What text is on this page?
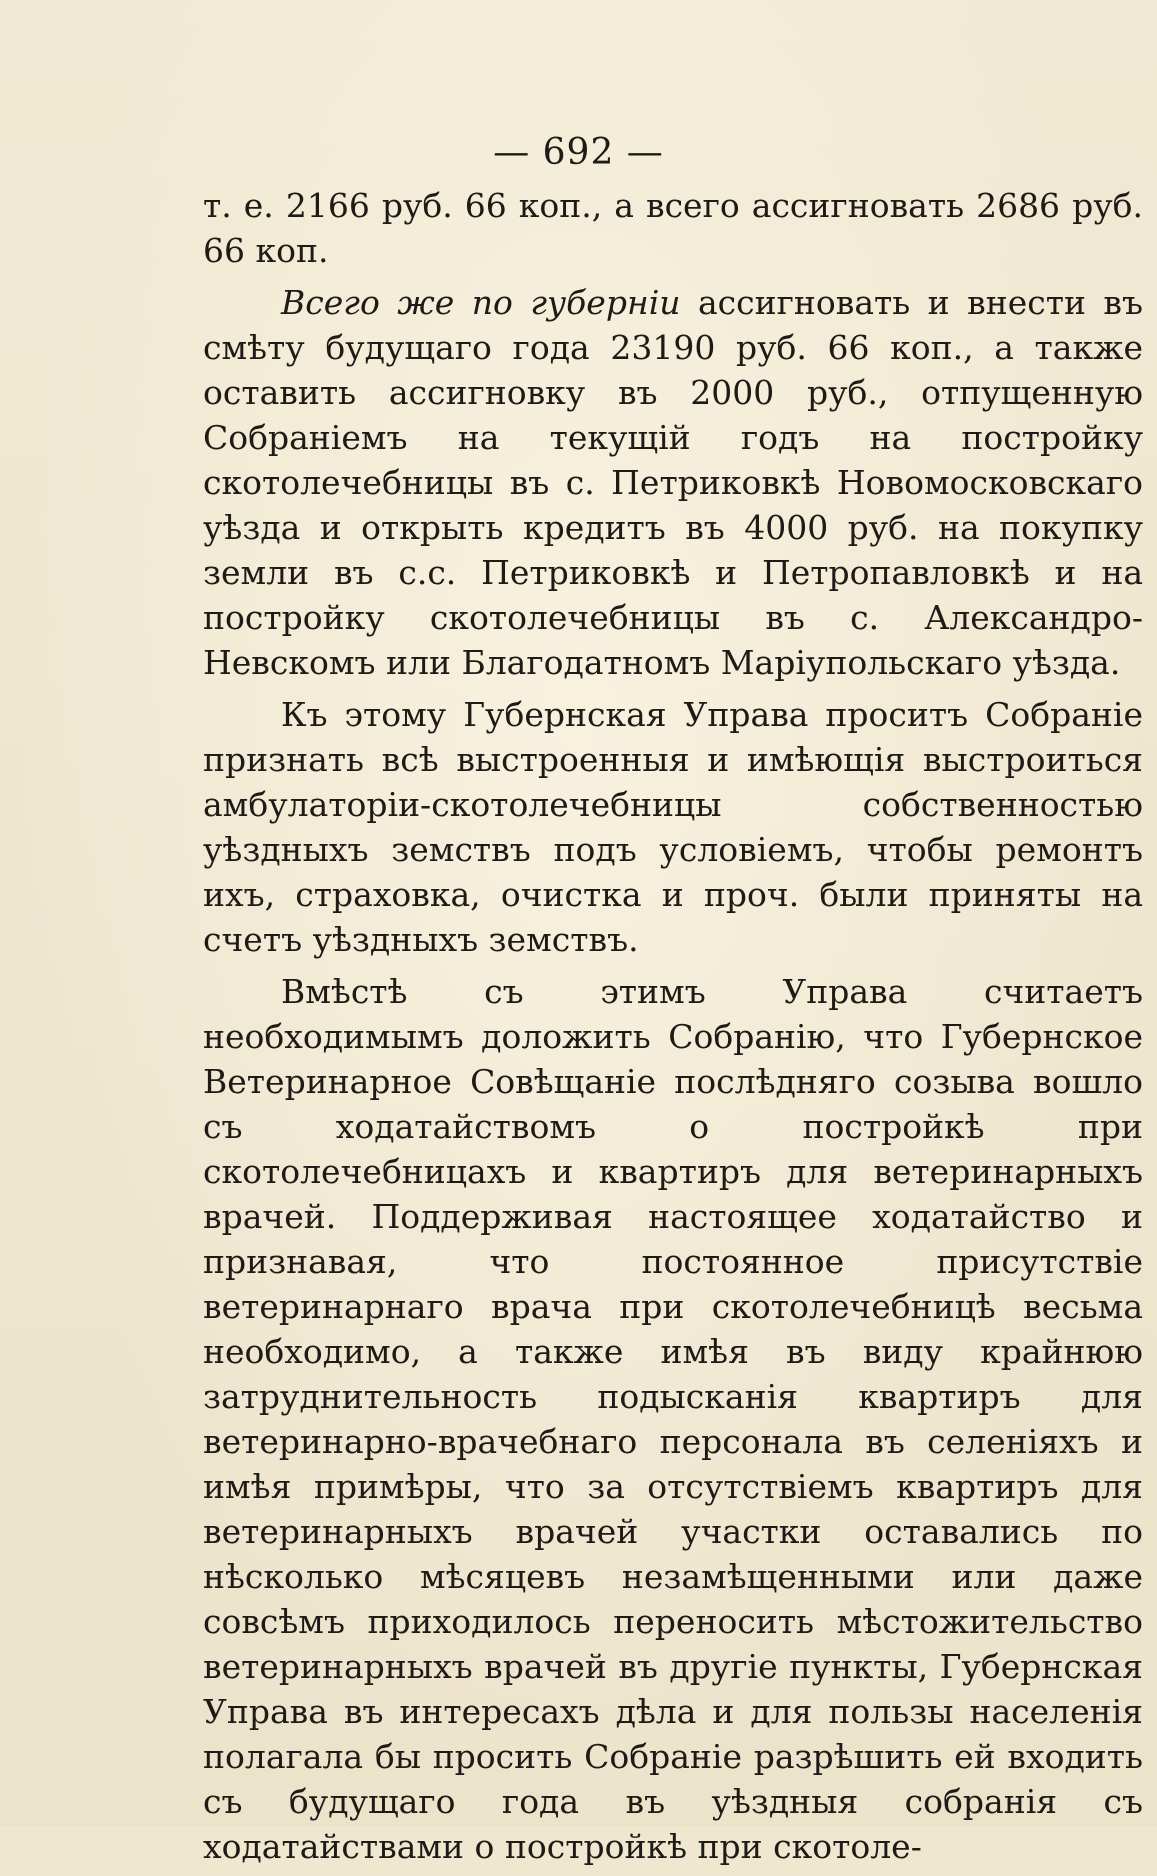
— 692 —

т. е. 2166 руб. 66 коп., а всего ассигновать 2686 руб. 66 коп.

Всего же по губерніи ассигновать и внести въ смѣту будущаго года 23190 руб. 66 коп., а также оставить ассигновку въ 2000 руб., отпущенную Собраніемъ на текущій годъ на постройку скотолечебницы въ с. Петриковкѣ Новомосковскаго уѣзда и открыть кредитъ въ 4000 руб. на покупку земли въ с.с. Петриковкѣ и Петропавловкѣ и на постройку скотолечебницы въ с. Александро-Невскомъ или Благодатномъ Маріупольскаго уѣзда.

Къ этому Губернская Управа проситъ Собраніе признать всѣ выстроенныя и имѣющія выстроиться амбулаторіи-скотолечебницы собственностью уѣздныхъ земствъ подъ условіемъ, чтобы ремонтъ ихъ, страховка, очистка и проч. были приняты на счетъ уѣздныхъ земствъ.

Вмѣстѣ съ этимъ Управа считаетъ необходимымъ доложить Собранію, что Губернское Ветеринарное Совѣщаніе послѣдняго созыва вошло съ ходатайствомъ о постройкѣ при скотолечебницахъ и квартиръ для ветеринарныхъ врачей. Поддерживая настоящее ходатайство и признавая, что постоянное присутствіе ветеринарнаго врача при скотолечебницѣ весьма необходимо, а также имѣя въ виду крайнюю затруднительность подысканія квартиръ для ветеринарно-врачебнаго персонала въ селеніяхъ и имѣя примѣры, что за отсутствіемъ квартиръ для ветеринарныхъ врачей участки оставались по нѣсколько мѣсяцевъ незамѣщенными или даже совсѣмъ приходилось переносить мѣстожительство ветеринарныхъ врачей въ другіе пункты, Губернская Управа въ интересахъ дѣла и для пользы населенія полагала бы просить Собраніе разрѣшить ей входить съ будущаго года въ уѣздныя собранія съ ходатайствами о постройкѣ при скотоле-
